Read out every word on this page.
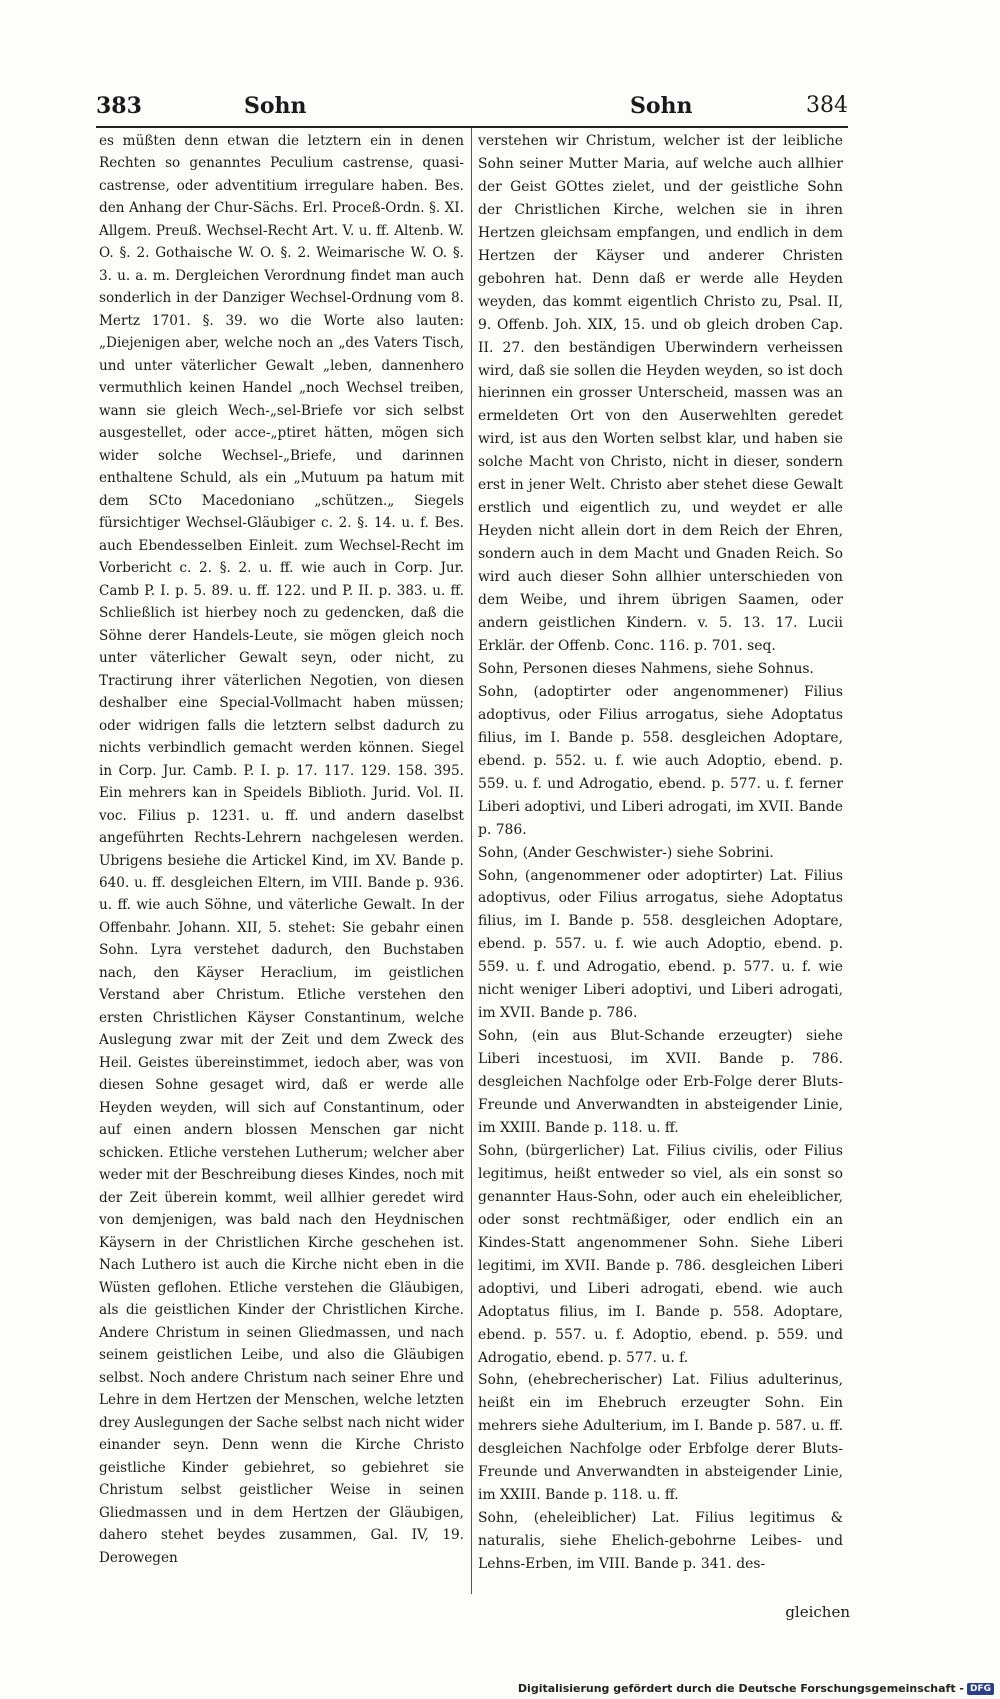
383	Sohn	Sohn	384

es müßten denn etwan die letztern ein in denen Rechten so genanntes Peculium castrense, quasi-castrense, oder adventitium irregulare haben. Bes. den Anhang der Chur-Sächs. Erl. Proceß-Ordn. §. XI. Allgem. Preuß. Wechsel-Recht Art. V. u. ff. Altenb. W. O. §. 2. Gothaische W. O. §. 2. Weimarische W. O. §. 3. u. a. m. Dergleichen Verordnung findet man auch sonderlich in der Danziger Wechsel-Ordnung vom 8. Mertz 1701. §. 39. wo die Worte also lauten: „Diejenigen aber, welche noch an „des Vaters Tisch, und unter väterlicher Gewalt „leben, dannenhero vermuthlich keinen Handel „noch Wechsel treiben, wann sie gleich Wech-„sel-Briefe vor sich selbst ausgestellet, oder acce-„ptiret hätten, mögen sich wider solche Wechsel-„Briefe, und darinnen enthaltene Schuld, als ein „Mutuum pa hatum mit dem SCto Macedoniano „schützen.„ Siegels fürsichtiger Wechsel-Gläubiger c. 2. §. 14. u. f. Bes. auch Ebendesselben Einleit. zum Wechsel-Recht im Vorbericht c. 2. §. 2. u. ff. wie auch in Corp. Jur. Camb P. I. p. 5. 89. u. ff. 122. und P. II. p. 383. u. ff. Schließlich ist hierbey noch zu gedencken, daß die Söhne derer Handels-Leute, sie mögen gleich noch unter väterlicher Gewalt seyn, oder nicht, zu Tractirung ihrer väterlichen Negotien, von diesen deshalber eine Special-Vollmacht haben müssen; oder widrigen falls die letztern selbst dadurch zu nichts verbindlich gemacht werden können. Siegel in Corp. Jur. Camb. P. I. p. 17. 117. 129. 158. 395. Ein mehrers kan in Speidels Biblioth. Jurid. Vol. II. voc. Filius p. 1231. u. ff. und andern daselbst angeführten Rechts-Lehrern nachgelesen werden. Ubrigens besiehe die Artickel Kind, im XV. Bande p. 640. u. ff. desgleichen Eltern, im VIII. Bande p. 936. u. ff. wie auch Söhne, und väterliche Gewalt. In der Offenbahr. Johann. XII, 5. stehet: Sie gebahr einen Sohn. Lyra verstehet dadurch, den Buchstaben nach, den Käyser Heraclium, im geistlichen Verstand aber Christum. Etliche verstehen den ersten Christlichen Käyser Constantinum, welche Auslegung zwar mit der Zeit und dem Zweck des Heil. Geistes übereinstimmet, iedoch aber, was von diesen Sohne gesaget wird, daß er werde alle Heyden weyden, will sich auf Constantinum, oder auf einen andern blossen Menschen gar nicht schicken. Etliche verstehen Lutherum; welcher aber weder mit der Beschreibung dieses Kindes, noch mit der Zeit überein kommt, weil allhier geredet wird von demjenigen, was bald nach den Heydnischen Käysern in der Christlichen Kirche geschehen ist. Nach Luthero ist auch die Kirche nicht eben in die Wüsten geflohen. Etliche verstehen die Gläubigen, als die geistlichen Kinder der Christlichen Kirche. Andere Christum in seinen Gliedmassen, und nach seinem geistlichen Leibe, und also die Gläubigen selbst. Noch andere Christum nach seiner Ehre und Lehre in dem Hertzen der Menschen, welche letzten drey Auslegungen der Sache selbst nach nicht wider einander seyn. Denn wenn die Kirche Christo geistliche Kinder gebiehret, so gebiehret sie Christum selbst geistlicher Weise in seinen Gliedmassen und in dem Hertzen der Gläubigen, dahero stehet beydes zusammen, Gal. IV, 19. Derowegen

verstehen wir Christum, welcher ist der leibliche Sohn seiner Mutter Maria, auf welche auch allhier der Geist GOttes zielet, und der geistliche Sohn der Christlichen Kirche, welchen sie in ihren Hertzen gleichsam empfangen, und endlich in dem Hertzen der Käyser und anderer Christen gebohren hat. Denn daß er werde alle Heyden weyden, das kommt eigentlich Christo zu, Psal. II, 9. Offenb. Joh. XIX, 15. und ob gleich droben Cap. II. 27. den beständigen Uberwindern verheissen wird, daß sie sollen die Heyden weyden, so ist doch hierinnen ein grosser Unterscheid, massen was an ermeldeten Ort von den Auserwehlten geredet wird, ist aus den Worten selbst klar, und haben sie solche Macht von Christo, nicht in dieser, sondern erst in jener Welt. Christo aber stehet diese Gewalt erstlich und eigentlich zu, und weydet er alle Heyden nicht allein dort in dem Reich der Ehren, sondern auch in dem Macht und Gnaden Reich. So wird auch dieser Sohn allhier unterschieden von dem Weibe, und ihrem übrigen Saamen, oder andern geistlichen Kindern. v. 5. 13. 17. Lucii Erklär. der Offenb. Conc. 116. p. 701. seq.

Sohn, Personen dieses Nahmens, siehe Sohnus.

Sohn, (adoptirter oder angenommener) Filius adoptivus, oder Filius arrogatus, siehe Adoptatus filius, im I. Bande p. 558. desgleichen Adoptare, ebend. p. 552. u. f. wie auch Adoptio, ebend. p. 559. u. f. und Adrogatio, ebend. p. 577. u. f. ferner Liberi adoptivi, und Liberi adrogati, im XVII. Bande p. 786.

Sohn, (Ander Geschwister-) siehe Sobrini.

Sohn, (angenommener oder adoptirter) Lat. Filius adoptivus, oder Filius arrogatus, siehe Adoptatus filius, im I. Bande p. 558. desgleichen Adoptare, ebend. p. 557. u. f. wie auch Adoptio, ebend. p. 559. u. f. und Adrogatio, ebend. p. 577. u. f. wie nicht weniger Liberi adoptivi, und Liberi adrogati, im XVII. Bande p. 786.

Sohn, (ein aus Blut-Schande erzeugter) siehe Liberi incestuosi, im XVII. Bande p. 786. desgleichen Nachfolge oder Erb-Folge derer Bluts-Freunde und Anverwandten in absteigender Linie, im XXIII. Bande p. 118. u. ff.

Sohn, (bürgerlicher) Lat. Filius civilis, oder Filius legitimus, heißt entweder so viel, als ein sonst so genannter Haus-Sohn, oder auch ein eheleiblicher, oder sonst rechtmäßiger, oder endlich ein an Kindes-Statt angenommener Sohn. Siehe Liberi legitimi, im XVII. Bande p. 786. desgleichen Liberi adoptivi, und Liberi adrogati, ebend. wie auch Adoptatus filius, im I. Bande p. 558. Adoptare, ebend. p. 557. u. f. Adoptio, ebend. p. 559. und Adrogatio, ebend. p. 577. u. f.

Sohn, (ehebrecherischer) Lat. Filius adulterinus, heißt ein im Ehebruch erzeugter Sohn. Ein mehrers siehe Adulterium, im I. Bande p. 587. u. ff. desgleichen Nachfolge oder Erbfolge derer Bluts-Freunde und Anverwandten in absteigender Linie, im XXIII. Bande p. 118. u. ff.

Sohn, (eheleiblicher) Lat. Filius legitimus & naturalis, siehe Ehelich-gebohrne Leibes- und Lehns-Erben, im VIII. Bande p. 341. des-

gleichen
Digitalisierung gefördert durch die Deutsche Forschungsgemeinschaft - DFG
